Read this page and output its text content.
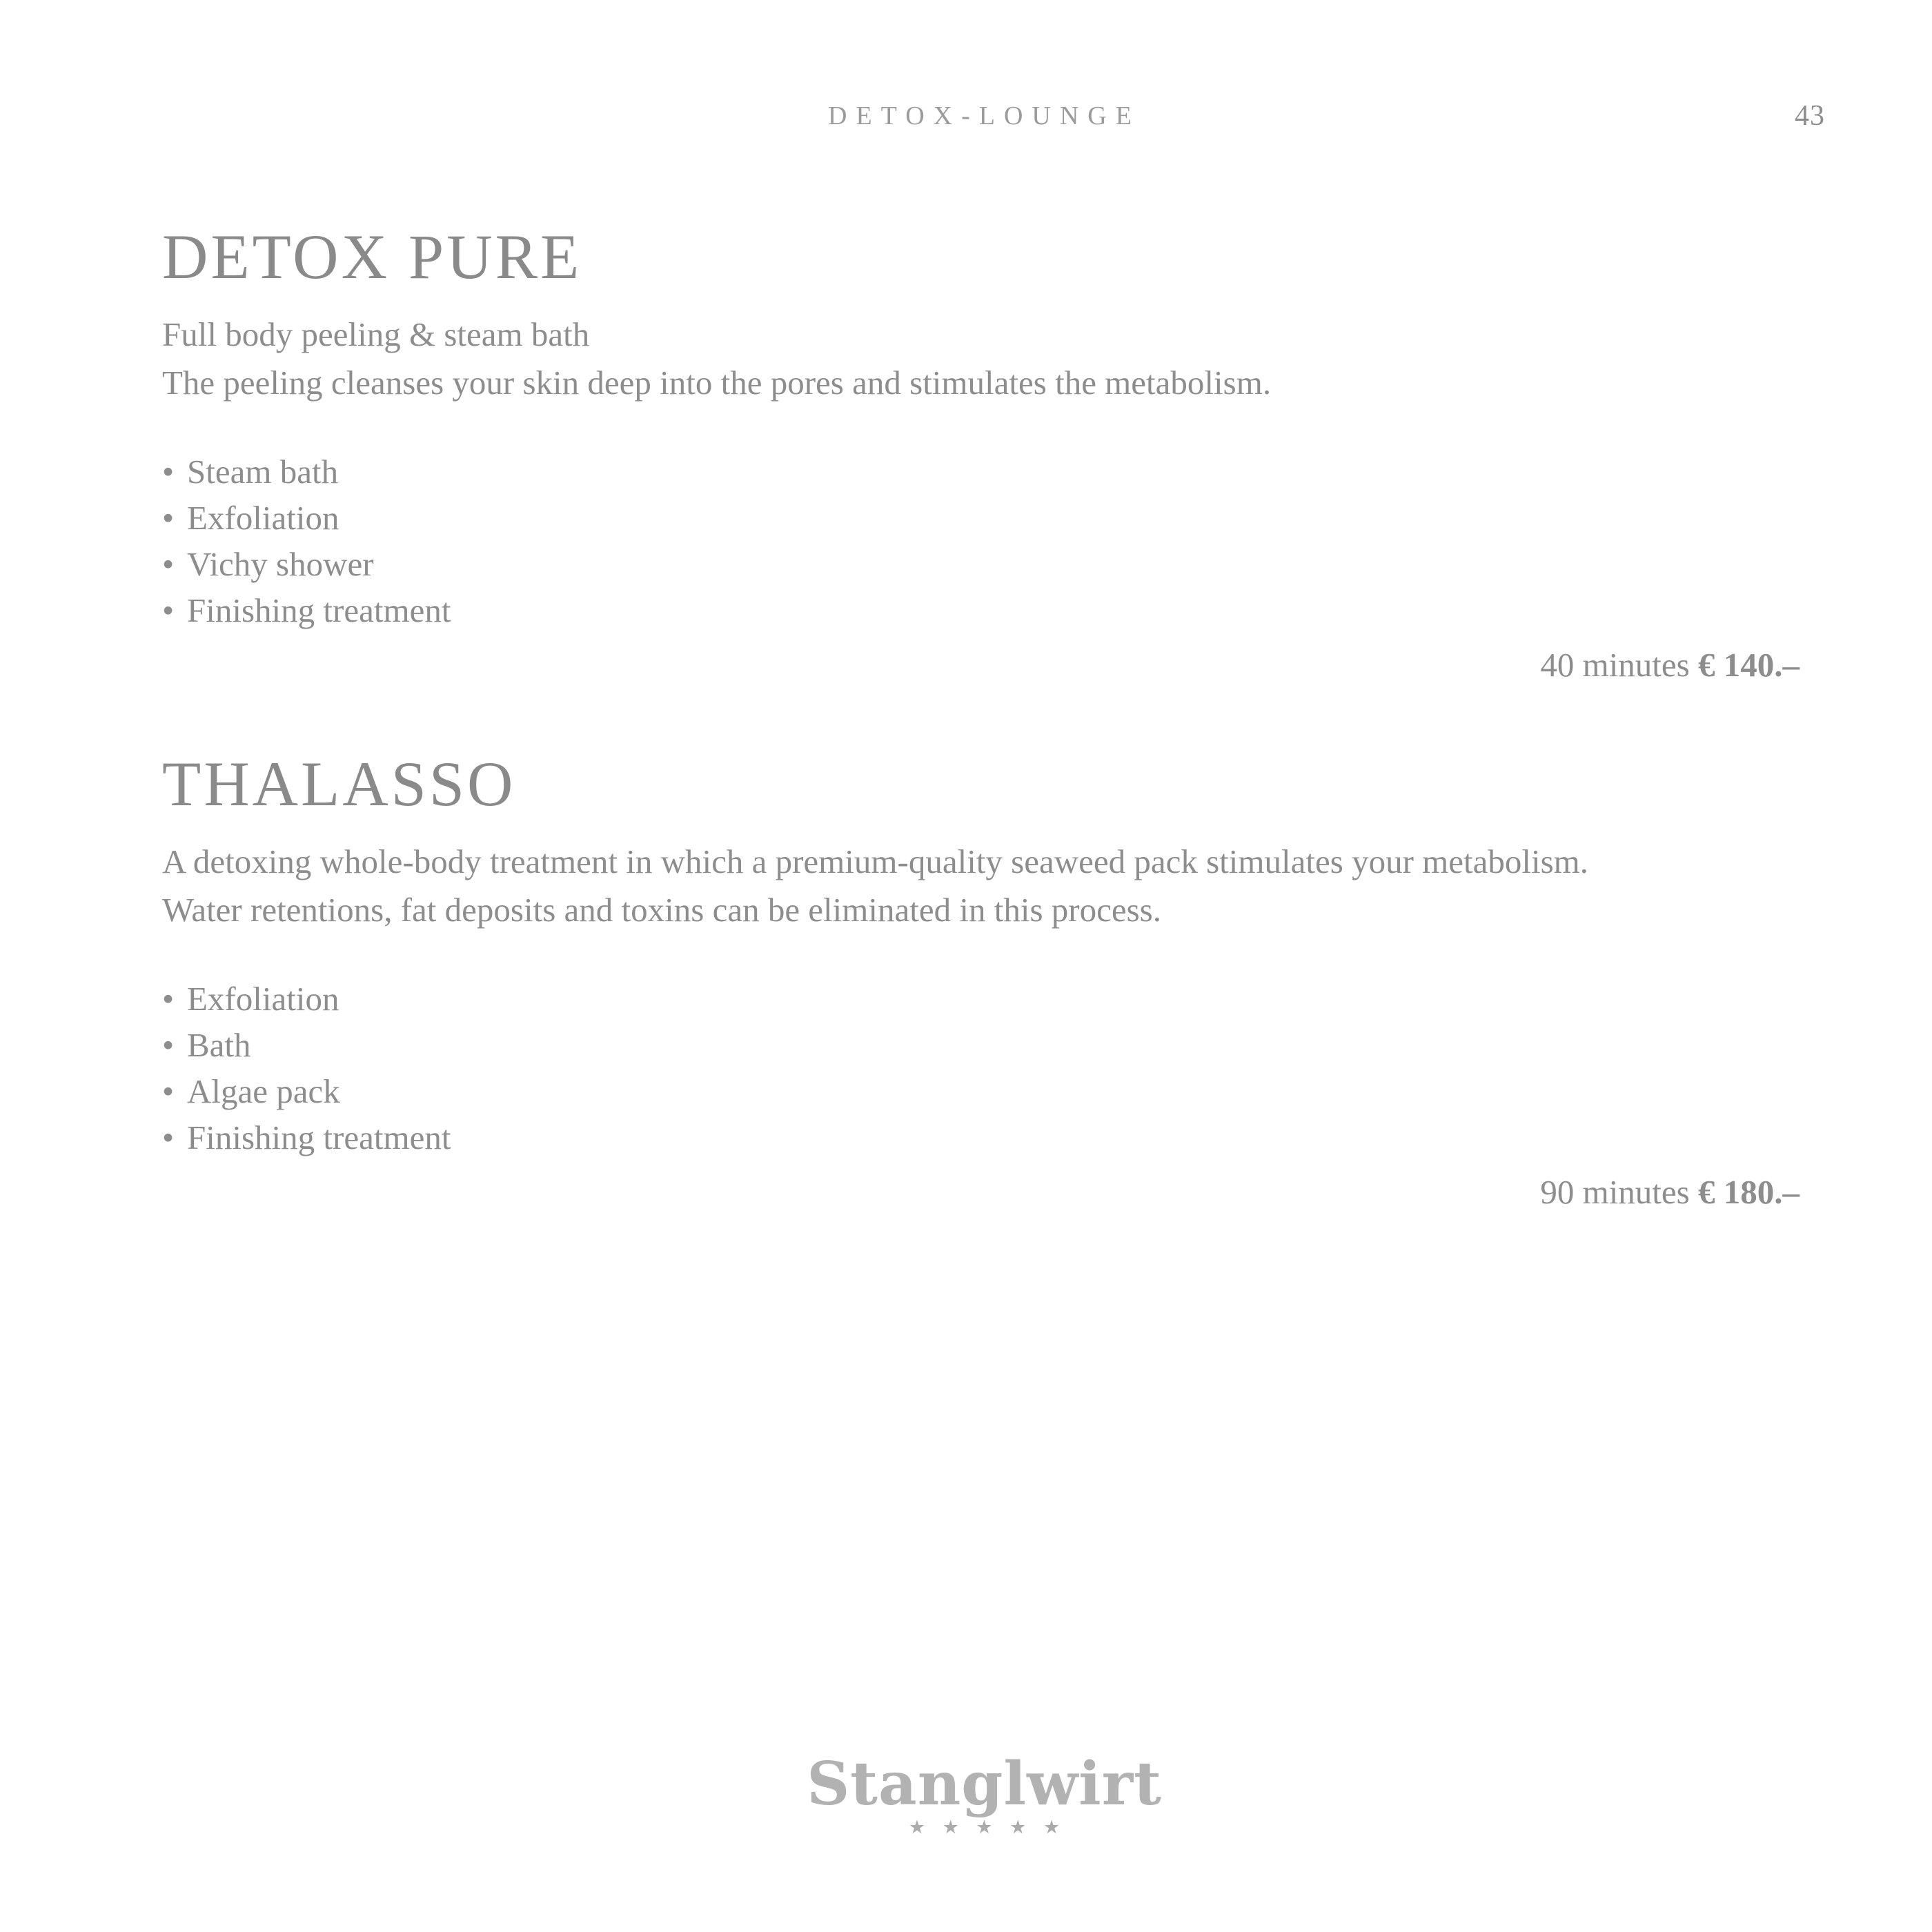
DETOX-LOUNGE	43
DETOX PURE

Full body peeling & steam bath
The peeling cleanses your skin deep into the pores and stimulates the metabolism.

• Steam bath
• Exfoliation
• Vichy shower
• Finishing treatment
40 minutes € 140.–
THALASSO

A detoxing whole-body treatment in which a premium-quality seaweed pack stimulates your metabolism.
Water retentions, fat deposits and toxins can be eliminated in this process.

• Exfoliation
• Bath
• Algae pack
• Finishing treatment
90 minutes € 180.–
Stanglwirt
★ ★ ★ ★ ★
